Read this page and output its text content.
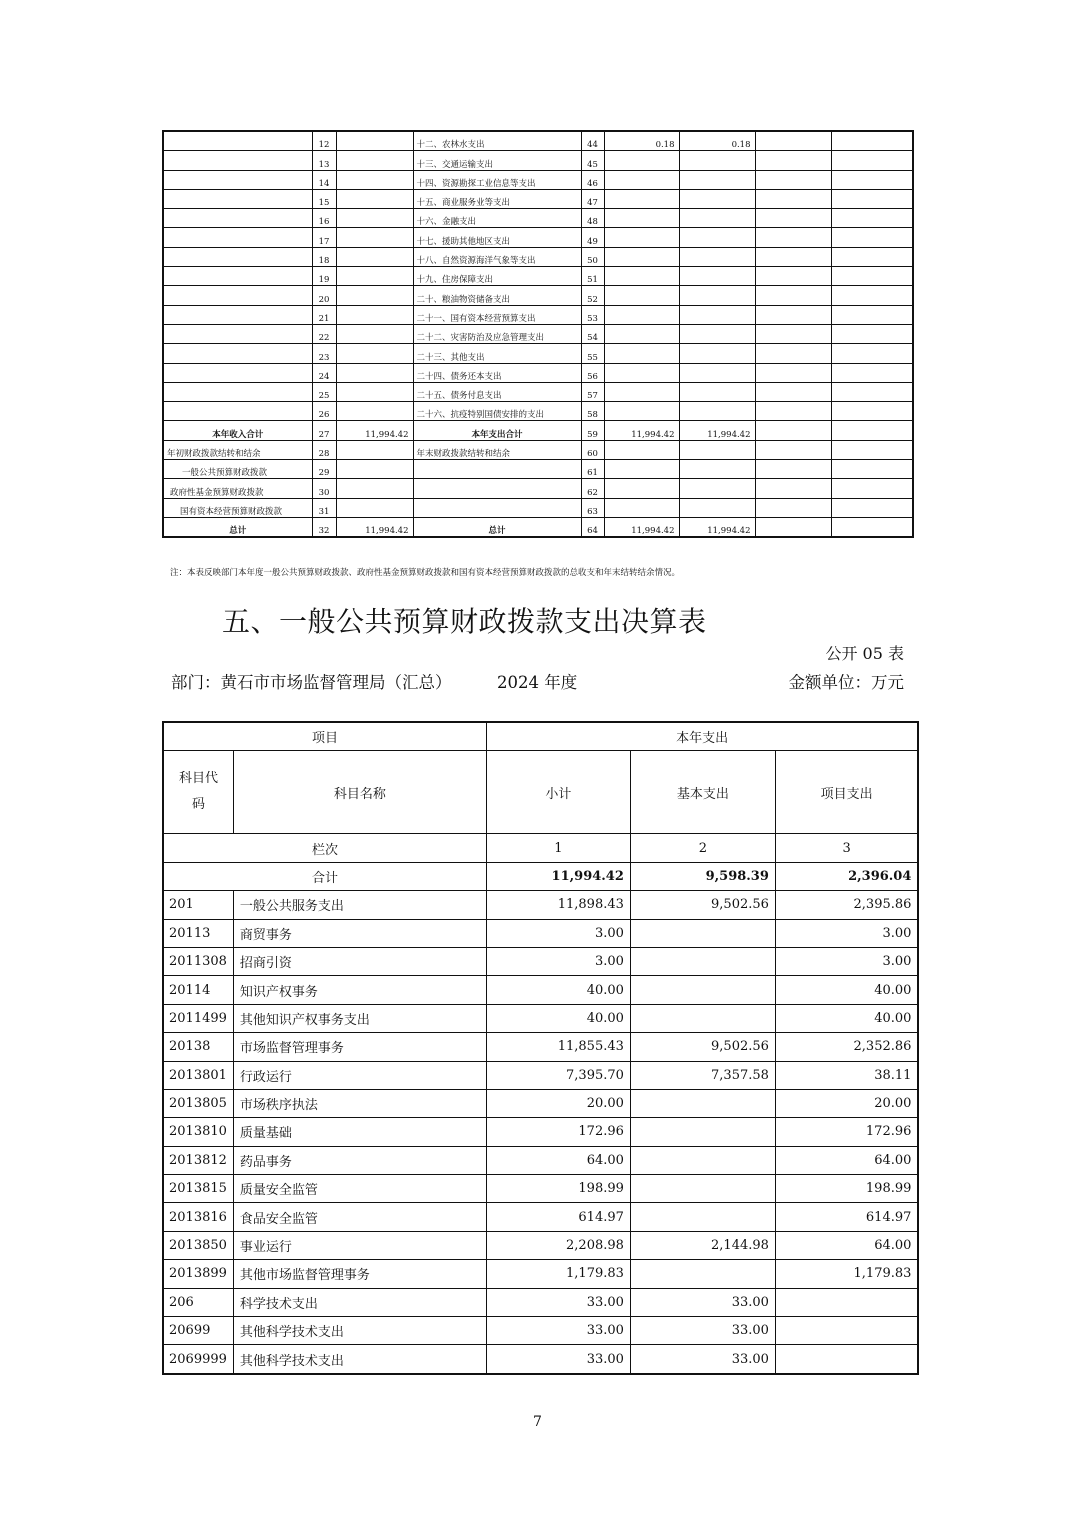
	12		十二、农林水支出	44	0.18	0.18		
	13		十三、交通运输支出	45				
	14		十四、资源勘探工业信息等支出	46				
	15		十五、商业服务业等支出	47				
	16		十六、金融支出	48				
	17		十七、援助其他地区支出	49				
	18		十八、自然资源海洋气象等支出	50				
	19		十九、住房保障支出	51				
	20		二十、粮油物资储备支出	52				
	21		二十一、国有资本经营预算支出	53				
	22		二十二、灾害防治及应急管理支出	54				
	23		二十三、其他支出	55				
	24		二十四、债务还本支出	56				
	25		二十五、债务付息支出	57				
	26		二十六、抗疫特别国债安排的支出	58				
本年收入合计	27	11,994.42	本年支出合计	59	11,994.42	11,994.42		
年初财政拨款结转和结余	28		年末财政拨款结转和结余	60				
一般公共预算财政拨款	29			61				
政府性基金预算财政拨款	30			62				
国有资本经营预算财政拨款	31			63				
总计	32	11,994.42	总计	64	11,994.42	11,994.42		
注：本表反映部门本年度一般公共预算财政拨款、政府性基金预算财政拨款和国有资本经营预算财政拨款的总收支和年末结转结余情况。
五、一般公共预算财政拨款支出决算表
公开 05 表
部门：黄石市市场监督管理局（汇总）	2024 年度	金额单位：万元
项目		本年支出		
科目代码	科目名称	小计	基本支出	项目支出
栏次		1	2	3
合计		11,994.42	9,598.39	2,396.04
201	一般公共服务支出	11,898.43	9,502.56	2,395.86
20113	商贸事务	3.00		3.00
2011308	招商引资	3.00		3.00
20114	知识产权事务	40.00		40.00
2011499	其他知识产权事务支出	40.00		40.00
20138	市场监督管理事务	11,855.43	9,502.56	2,352.86
2013801	行政运行	7,395.70	7,357.58	38.11
2013805	市场秩序执法	20.00		20.00
2013810	质量基础	172.96		172.96
2013812	药品事务	64.00		64.00
2013815	质量安全监管	198.99		198.99
2013816	食品安全监管	614.97		614.97
2013850	事业运行	2,208.98	2,144.98	64.00
2013899	其他市场监督管理事务	1,179.83		1,179.83
206	科学技术支出	33.00	33.00	
20699	其他科学技术支出	33.00	33.00	
2069999	其他科学技术支出	33.00	33.00	
7
